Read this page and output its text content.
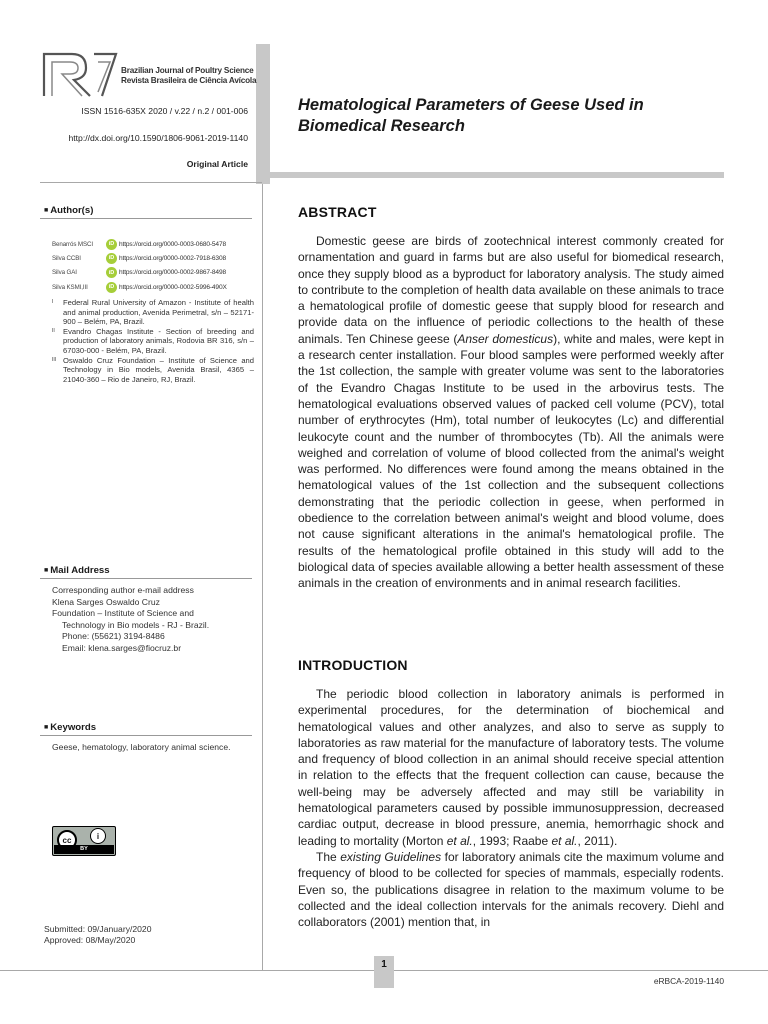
Brazilian Journal of Poultry Science
Revista Brasileira de Ciência Avícola
ISSN 1516-635X 2020 / v.22 / n.2 / 001-006
http://dx.doi.org/10.1590/1806-9061-2019-1140
Original Article
Hematological Parameters of Geese Used in Biomedical Research
■ Author(s)
Benarrós MSCI	iD https://orcid.org/0000-0003-0680-5478
Silva CCBI	iD https://orcid.org/0000-0002-7918-6308
Silva GAI	iD https://orcid.org/0000-0002-9867-8498
Silva KSMI,III	iD https://orcid.org/0000-0002-5996-490X
I	Federal Rural University of Amazon - Institute of health and animal production, Avenida Perimetral, s/n – 52171-900 – Belém, PA, Brazil.
II	Evandro Chagas Institute - Section of breeding and production of laboratory animals, Rodovia BR 316, s/n – 67030-000 - Belém, PA, Brazil.
III Oswaldo Cruz Foundation – Institute of Science and Technology in Bio models, Avenida Brasil, 4365 – 21040-360 – Rio de Janeiro, RJ, Brazil.
■ Mail Address
Corresponding author e-mail address
Klena Sarges Oswaldo Cruz
Foundation – Institute of Science and
Technology in Bio models - RJ - Brazil.
Phone: (55621) 3194-8486
Email: klena.sarges@fiocruz.br
■ Keywords
Geese, hematology, laboratory animal science.
cc	i
BY
Submitted: 09/January/2020
Approved: 08/May/2020
ABSTRACT

Domestic geese are birds of zootechnical interest commonly created for ornamentation and guard in farms but are also useful for biomedical research, once they supply blood as a byproduct for laboratory analysis. The study aimed to contribute to the completion of health data available on these animals to trace a hematological profile of domestic geese that supply blood for research and provide data on the influence of periodic collections to the health of these animals. Ten Chinese geese (Anser domesticus), white and males, were kept in a research center installation. Four blood samples were performed weekly after the 1st collection, the sample with greater volume was sent to the laboratories of the Evandro Chagas Institute to be used in the arbovirus tests. The hematological evaluations observed values of packed cell volume (PCV), total number of erythrocytes (Hm), total number of leukocytes (Lc) and differential leukocyte count and the number of thrombocytes (Tb). All the animals were weighed and correlation of volume of blood collected from the animal's weight was performed. No differences were found among the means obtained in the hematological values of the 1st collection and the subsequent collections demonstrating that the periodic collection in geese, when performed in obedience to the correlation between animal's weight and blood volume, does not cause significant alterations in the animal's hematological profile. The results of the hematological profile obtained in this study will add to the biological data of species available allowing a better health assessment of these animals in the creation of environments and in animal research facilities.

INTRODUCTION

The periodic blood collection in laboratory animals is performed in experimental procedures, for the determination of biochemical and hematological values and other analyzes, and also to serve as supply to laboratories as raw material for the manufacture of laboratory tests. The volume and frequency of blood collection in an animal should receive special attention in relation to the effects that the frequent collection can cause, because the well-being may be adversely affected and may still be variability in hematological parameters caused by possible immunosuppression, decreased cardiac output, decrease in blood pressure, anemia, hemorrhagic shock and leading to mortality (Morton et al., 1993; Raabe et al., 2011).

The existing Guidelines for laboratory animals cite the maximum volume and frequency of blood to be collected for species of mammals, especially rodents. Even so, the publications disagree in relation to the maximum volume to be collected and the ideal collection intervals for the animals recovery. Diehl and collaborators (2001) mention that, in

1
eRBCA-2019-1140
